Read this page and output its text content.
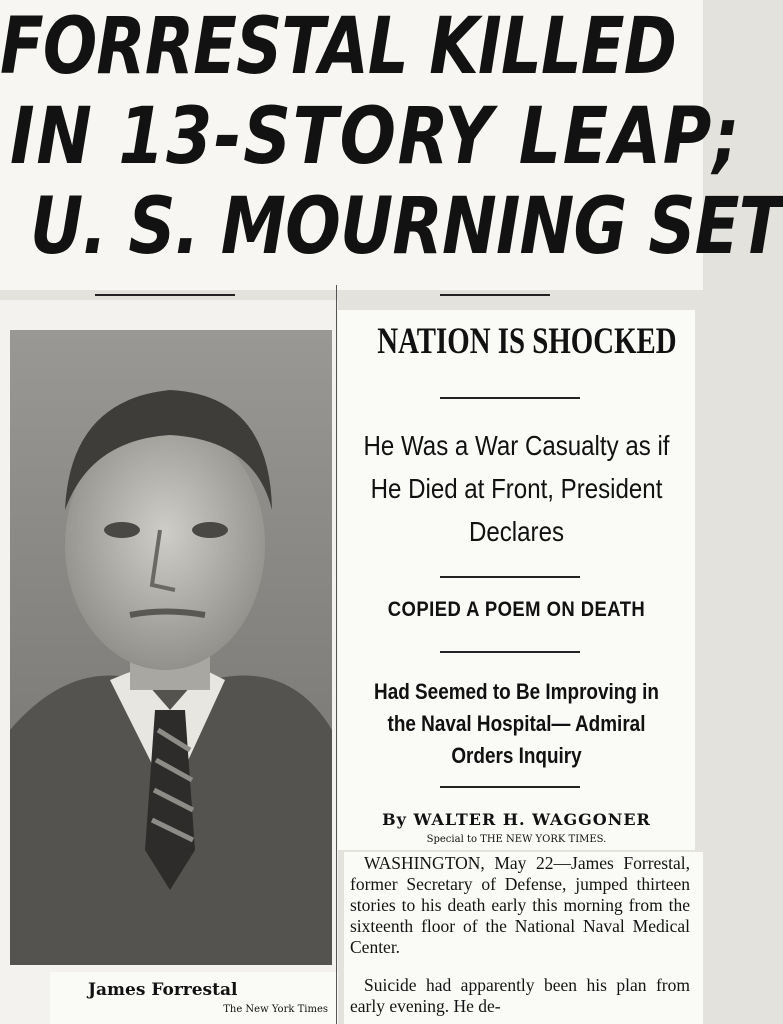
FORRESTAL KILLED
IN 13-STORY LEAP;
U. S. MOURNING SET
James Forrestal
The New York Times
NATION IS SHOCKED

He Was a War Casualty as if He Died at Front, President Declares

COPIED A POEM ON DEATH

Had Seemed to Be Improving in the Naval Hospital— Admiral Orders Inquiry

By WALTER H. WAGGONER

Special to THE NEW YORK TIMES.

WASHINGTON, May 22—James Forrestal, former Secretary of Defense, jumped thirteen stories to his death early this morning from the sixteenth floor of the National Naval Medical Center.

Suicide had apparently been his plan from early evening. He de-
